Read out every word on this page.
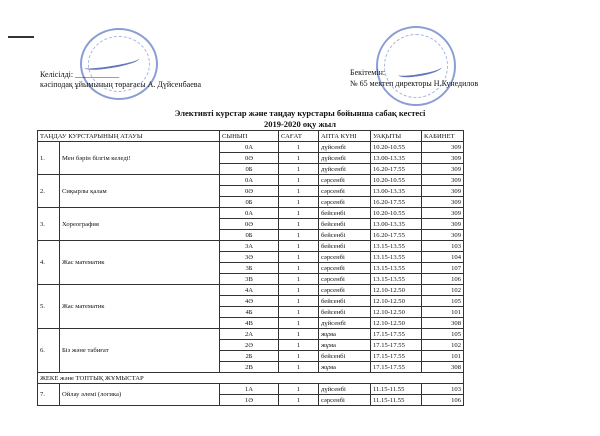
Келісілді: ___________
кәсіподақ ұйымының төрағасы А. Дүйсенбаева
Бекітемін:
№ 65 мектеп директоры Н.Кунедилов
Элективті курстар және таңдау курстары бойынша сабақ кестесі
2019-2020 оқу жыл
ТАҢДАУ КУРСТАРЫНЫҢ АТАУЫ		СЫНЫП	САҒАТ	АПТА КҮНІ	УАҚЫТЫ	КАБИНЕТ
1.	Мен бәрін білгім келеді!	0А	1	дүйсенбі	10.20-10.55	309
		0Ә	1	дүйсенбі	13.00-13.35	309
		0Б	1	дүйсенбі	16.20-17.55	309
2.	Сиқырлы қалам	0А	1	сәрсенбі	10.20-10.55	309
		0Ә	1	сәрсенбі	13.00-13.35	309
		0Б	1	сәрсенбі	16.20-17.55	309
3.	Хореография	0А	1	бейсенбі	10.20-10.55	309
		0Ә	1	бейсенбі	13.00-13.35	309
		0Б	1	бейсенбі	16.20-17.55	309
4.	Жас математик	3А	1	бейсенбі	13.15-13.55	103
		3Ә	1	сәрсенбі	13.15-13.55	104
		3Б	1	сәрсенбі	13.15-13.55	107
		3В	1	сәрсенбі	13.15-13.55	106
5.	Жас математик	4А	1	сәрсенбі	12.10-12.50	102
		4Ә	1	бейсенбі	12.10-12.50	105
		4Б	1	бейсенбі	12.10-12.50	101
		4В	1	дүйсенбі	12.10-12.50	308
6.	Біз және табиғат	2А	1	жұма	17.15-17.55	105
		2Ә	1	жұма	17.15-17.55	102
		2Б	1	бейсенбі	17.15-17.55	101
		2В	1	жұма	17.15-17.55	308
ЖЕКЕ және ТОПТЫҚ ЖҰМЫСТАР						
7.	Ойлау әлемі (логика)	1А	1	дүйсенбі	11.15-11.55	103
		1Ә	1	сәрсенбі	11.15-11.55	106
